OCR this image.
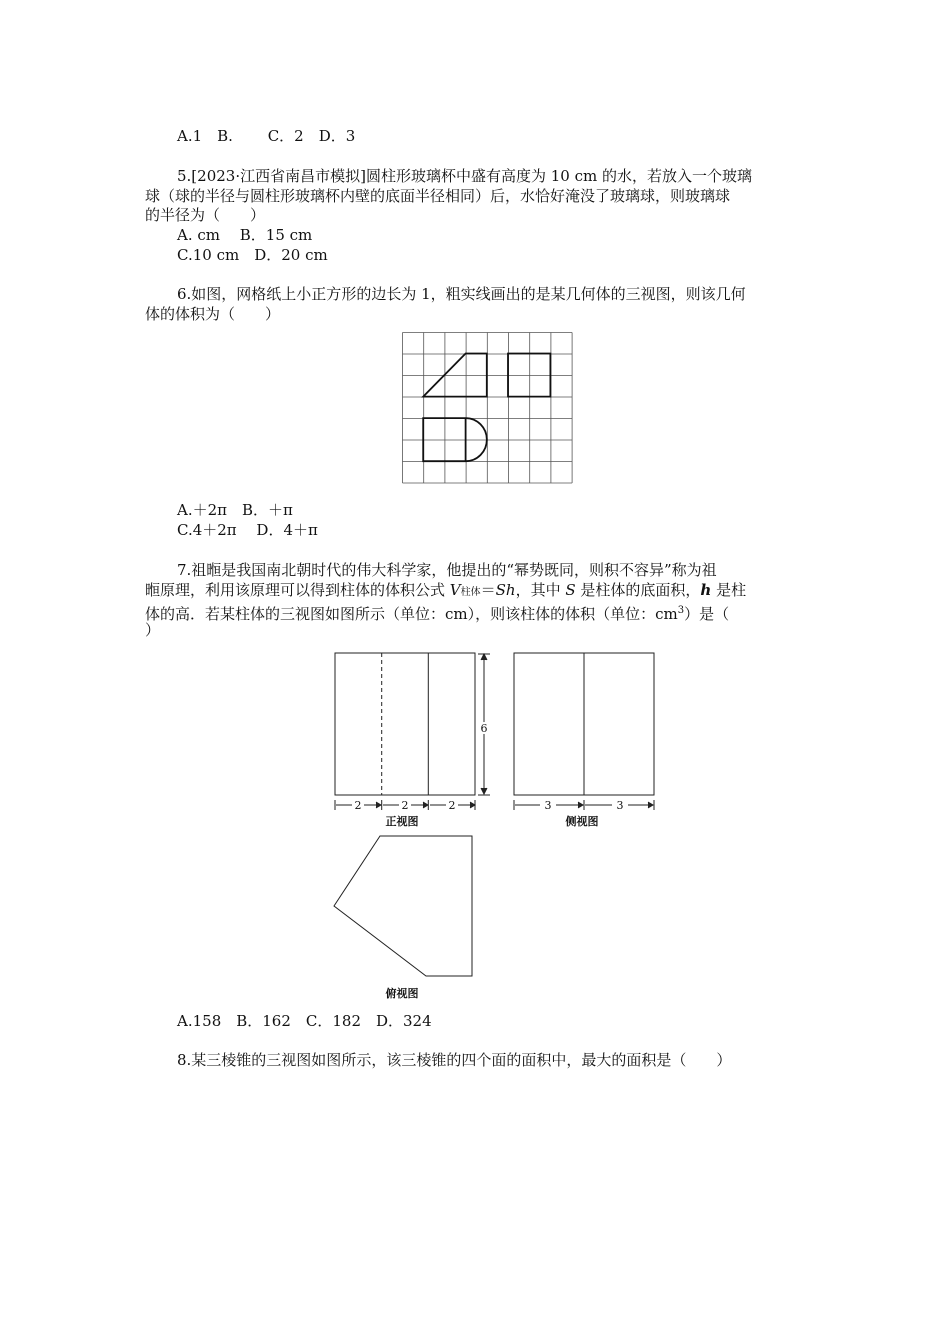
A.1　B.　　 C．2　D．3
5.[2023·江西省南昌市模拟]圆柱形玻璃杯中盛有高度为 10 cm 的水，若放入一个玻璃
球（球的半径与圆柱形玻璃杯内壁的底面半径相同）后，水恰好淹没了玻璃球，则玻璃球
的半径为（　　）
A. cm　 B．15 cm
C.10 cm　D．20 cm
6.如图，网格纸上小正方形的边长为 1，粗实线画出的是某几何体的三视图，则该几何
体的体积为（　　）
A.＋2π　B．＋π
C.4＋2π　 D．4＋π
7.祖暅是我国南北朝时代的伟大科学家，他提出的“幂势既同，则积不容异”称为祖
暅原理，利用该原理可以得到柱体的体积公式 V柱体＝Sh，其中 S 是柱体的底面积，h 是柱
体的高．若某柱体的三视图如图所示（单位：cm），则该柱体的体积（单位：$cm^3$）是（
）
2	2	2
6
3	3
正视图	侧视图
俯视图
A.158　B．162　C．182　D．324
8.某三棱锥的三视图如图所示，该三棱锥的四个面的面积中，最大的面积是（　　）
